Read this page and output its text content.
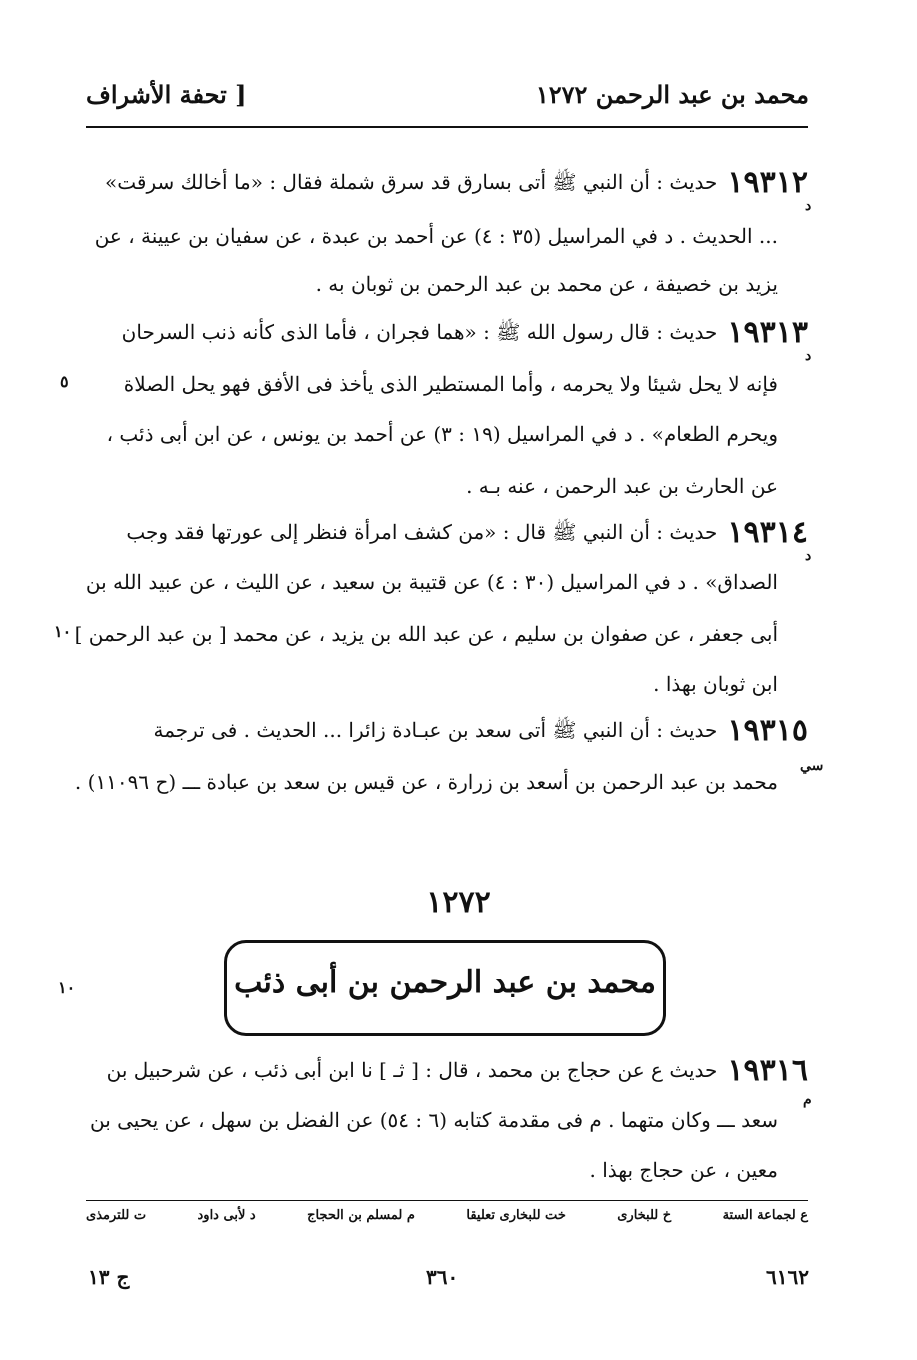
محمد بن عبد الرحمن ١٢٧٢
[ تحفة الأشراف
١٩٣١٢حديث : أن النبي ﷺ أتى بسارق قد سرق شملة فقال : «ما أخالك سرقت»
د
... الحديث . د في المراسيل (٣٥ : ٤) عن أحمد بن عبدة ، عن سفيان بن عيينة ، عن
يزيد بن خصيفة ، عن محمد بن عبد الرحمن بن ثوبان به .
١٩٣١٣حديث : قال رسول الله ﷺ : «هما فجران ، فأما الذى كأنه ذنب السرحان
د
٥	فإنه لا يحل شيئا ولا يحرمه ، وأما المستطير الذى يأخذ فى الأفق فهو يحل الصلاة
ويحرم الطعام» . د في المراسيل (١٩ : ٣) عن أحمد بن يونس ، عن ابن أبى ذئب ،
عن الحارث بن عبد الرحمن ، عنه بـه .
١٩٣١٤حديث : أن النبي ﷺ قال : «من كشف امرأة فنظر إلى عورتها فقد وجب
د
الصداق» . د في المراسيل (٣٠ : ٤) عن قتيبة بن سعيد ، عن الليث ، عن عبيد الله بن
أبى جعفر ، عن صفوان بن سليم ، عن عبد الله بن يزيد ، عن محمد [ بن عبد الرحمن ]
١٠
ابن ثوبان بهذا .
١٩٣١٥حديث : أن النبي ﷺ أتى سعد بن عبـادة زائرا ... الحديث . فى ترجمة
سي
محمد بن عبد الرحمن بن أسعد بن زرارة ، عن قيس بن سعد بن عبادة ـــ (ح ١١٠٩٦) .
١٢٧٢
محمد بن عبد الرحمن بن أبى ذئب
١٠
١٩٣١٦حديث ع عن حجاج بن محمد ، قال : [ ثـ ] نا ابن أبى ذئب ، عن شرحبيل بن
م
سعد ـــ وكان متهما . م فى مقدمة كتابه (٦ : ٥٤) عن الفضل بن سهل ، عن يحيى بن
معين ، عن حجاج بهذا .
ع لجماعة الستة
خ للبخارى
خت للبخارى تعليقا
م لمسلم بن الحجاج
د لأبى داود
ت للترمذى
ج ١٣	٣٦٠	٦١٦٢
